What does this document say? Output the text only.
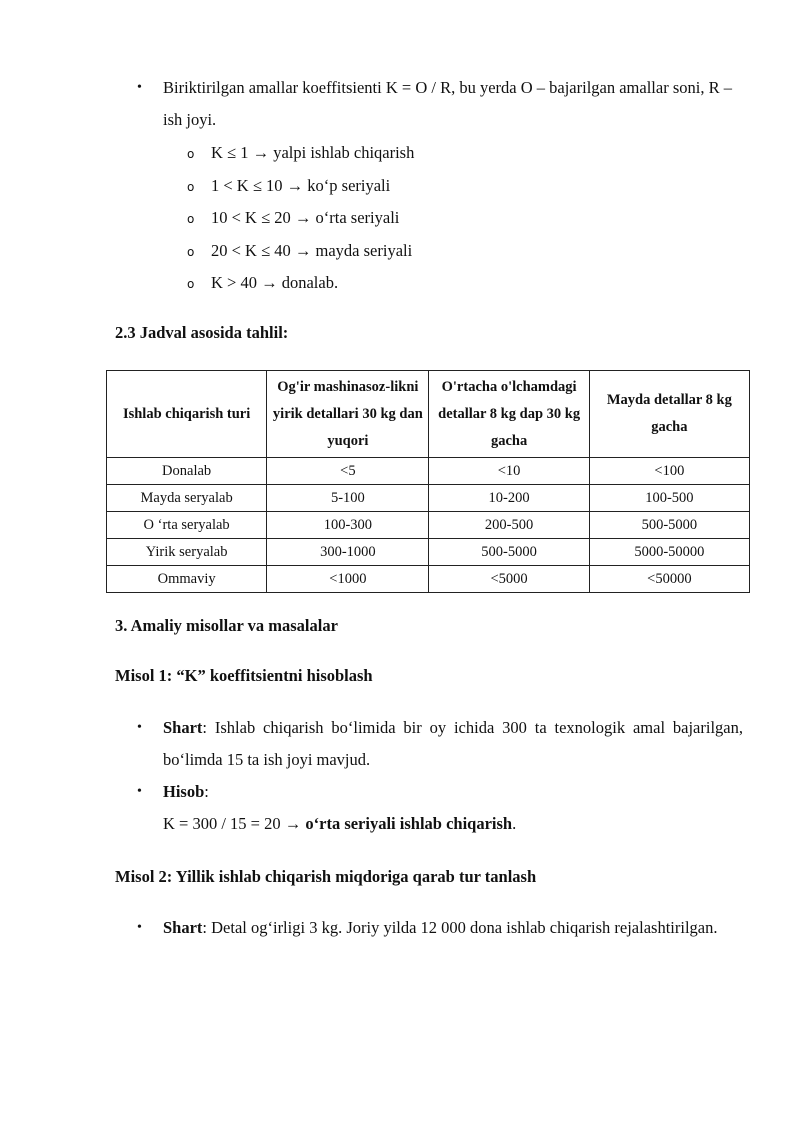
• Biriktirilgan amallar koeffitsienti K = O / R, bu yerda O – bajarilgan amallar soni, R – ish joyi.
o K ≤ 1 → yalpi ishlab chiqarish
o 1 < K ≤ 10 → ko‘p seriyali
o 10 < K ≤ 20 → o‘rta seriyali
o 20 < K ≤ 40 → mayda seriyali
o K > 40 → donalab.
2.3 Jadval asosida tahlil:
Ishlab chiqarish turi	Og'ir mashinasoz-likni yirik detallari 30 kg dan yuqori	O'rtacha o'lchamdagi detallar 8 kg dap 30 kg gacha	Mayda detallar 8 kg gacha
Donalab	<5	<10	<100
Mayda seryalab	5-100	10-200	100-500
O ‘rta seryalab	100-300	200-500	500-5000
Yirik seryalab	300-1000	500-5000	5000-50000
Ommaviy	<1000	<5000	<50000
3. Amaliy misollar va masalalar
Misol 1: “K” koeffitsientni hisoblash
• Shart: Ishlab chiqarish bo‘limida bir oy ichida 300 ta texnologik amal bajarilgan, bo‘limda 15 ta ish joyi mavjud.
• Hisob:
K = 300 / 15 = 20 → o‘rta seriyali ishlab chiqarish.
Misol 2: Yillik ishlab chiqarish miqdoriga qarab tur tanlash
• Shart: Detal og‘irligi 3 kg. Joriy yilda 12 000 dona ishlab chiqarish rejalashtirilgan.
